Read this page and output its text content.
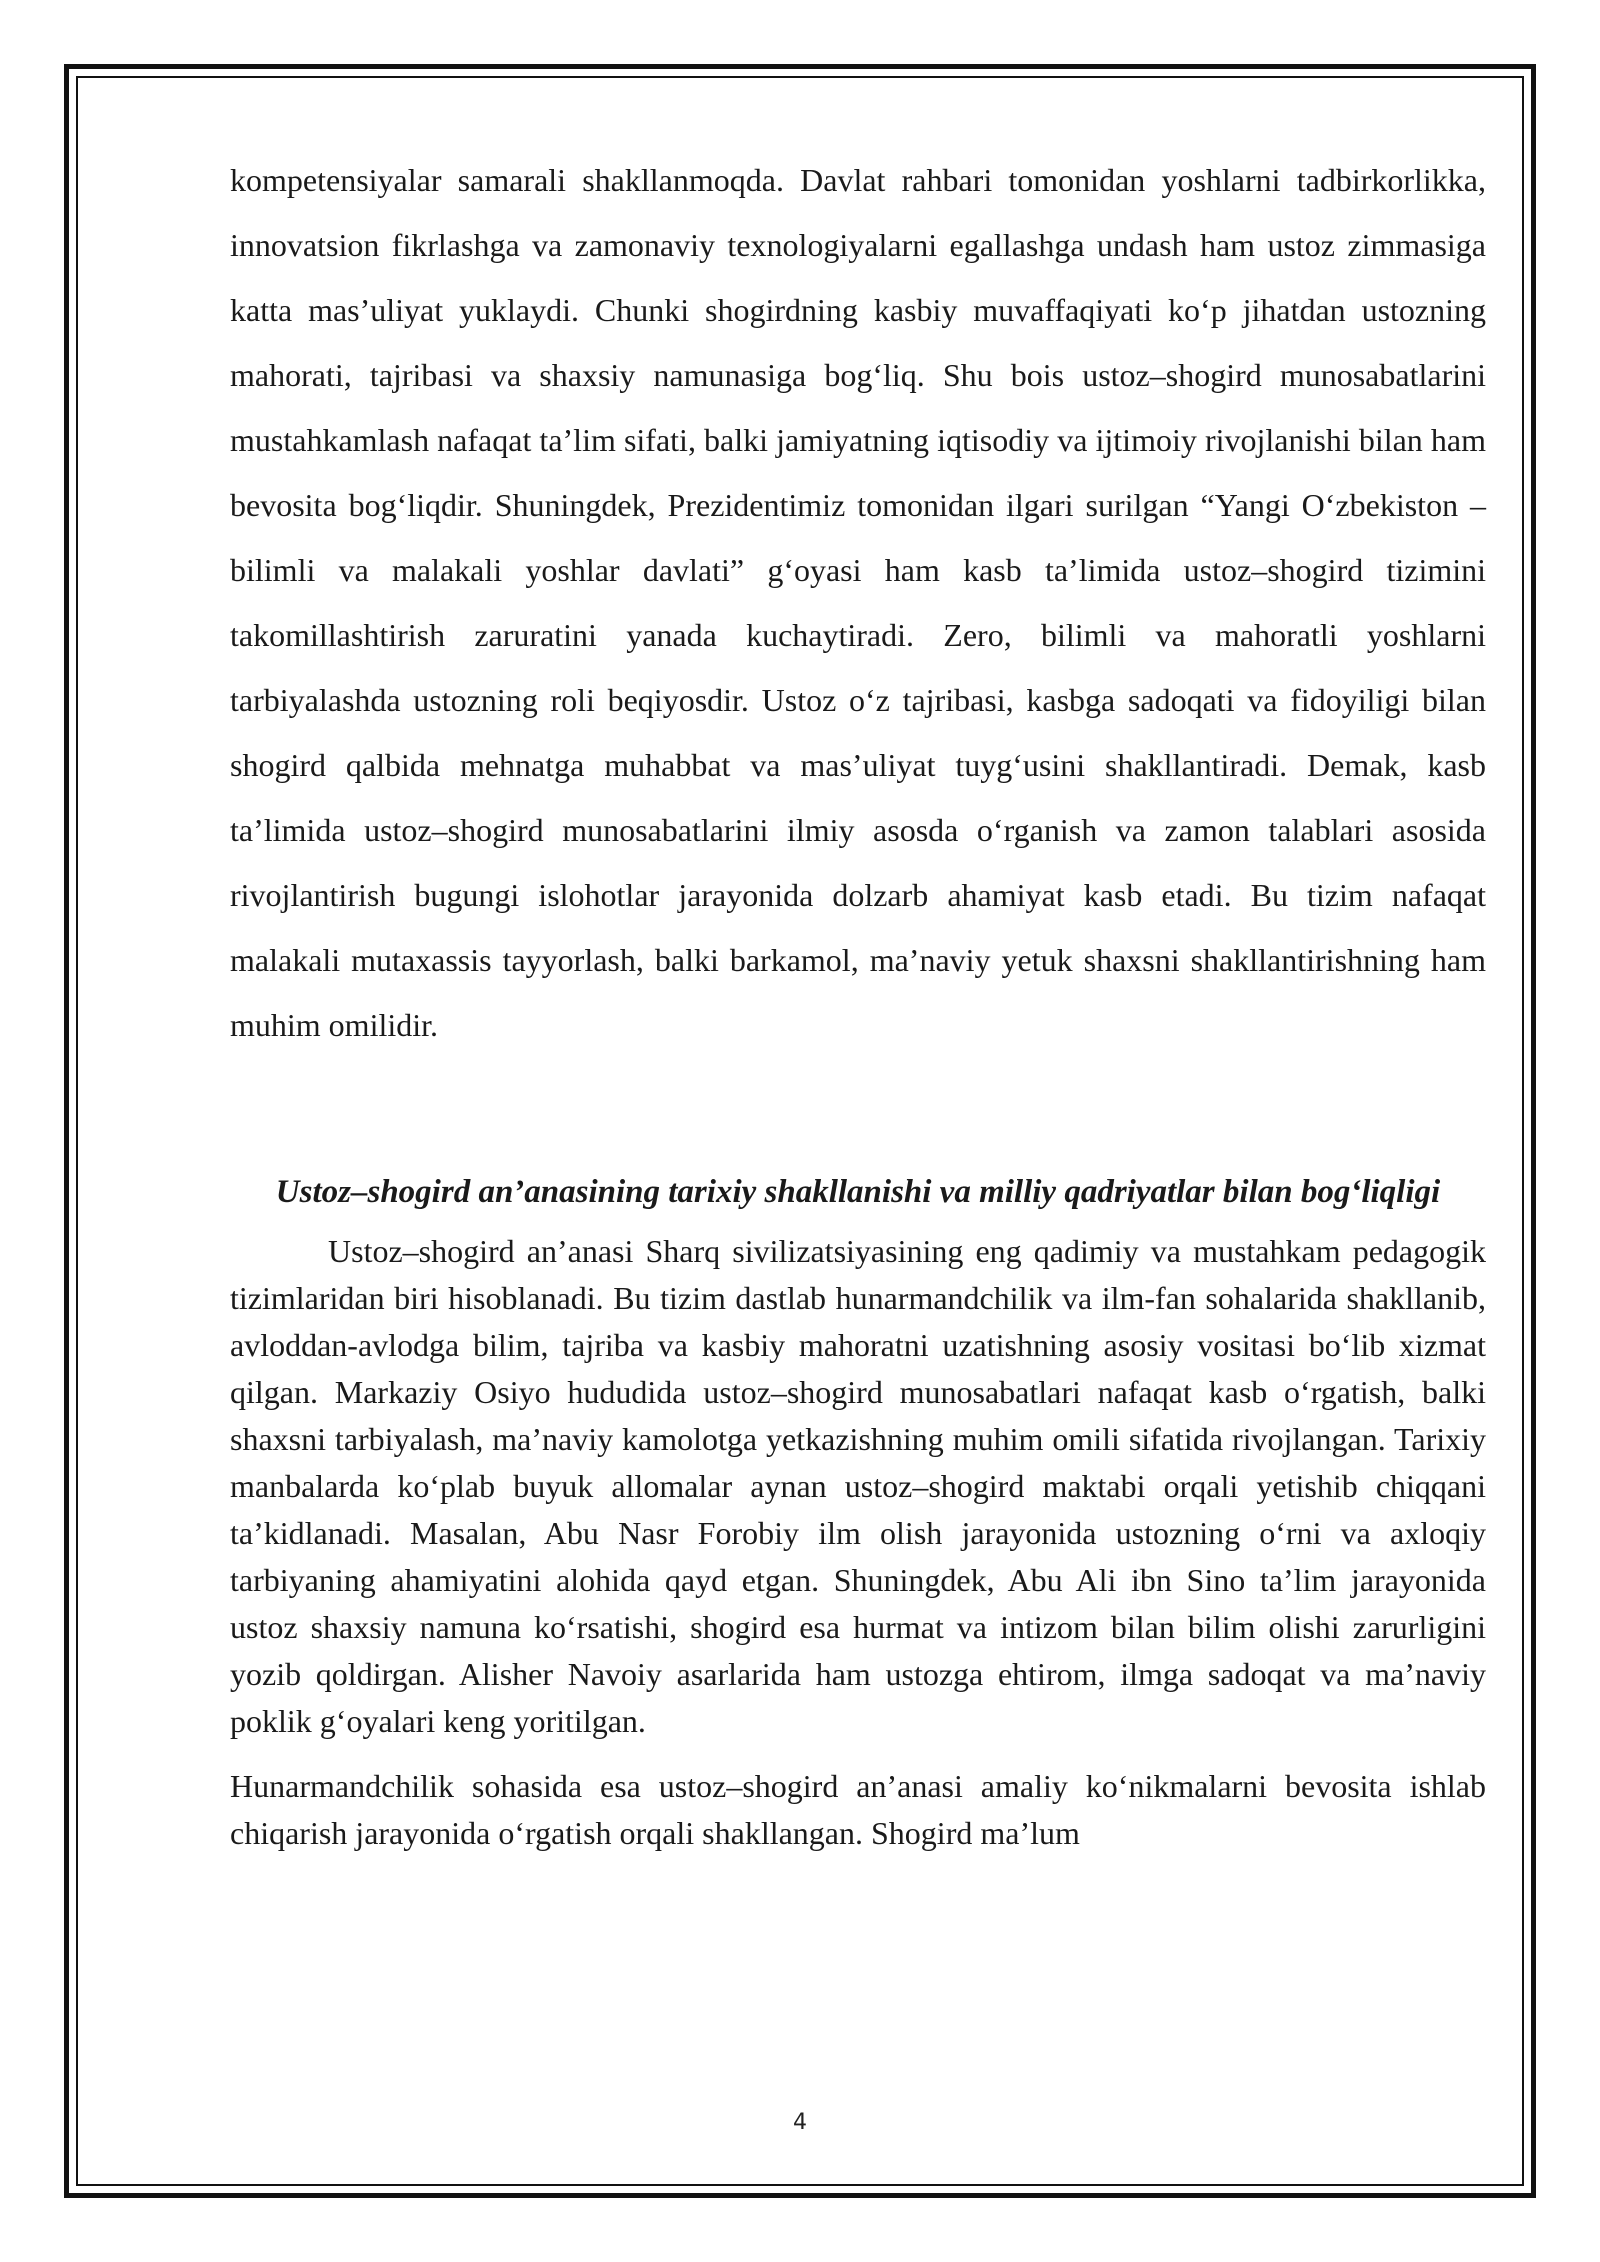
kompetensiyalar samarali shakllanmoqda. Davlat rahbari tomonidan yoshlarni tadbirkorlikka, innovatsion fikrlashga va zamonaviy texnologiyalarni egallashga undash ham ustoz zimmasiga katta mas’uliyat yuklaydi. Chunki shogirdning kasbiy muvaffaqiyati ko‘p jihatdan ustozning mahorati, tajribasi va shaxsiy namunasiga bog‘liq. Shu bois ustoz–shogird munosabatlarini mustahkamlash nafaqat ta’lim sifati, balki jamiyatning iqtisodiy va ijtimoiy rivojlanishi bilan ham bevosita bog‘liqdir. Shuningdek, Prezidentimiz tomonidan ilgari surilgan “Yangi O‘zbekiston – bilimli va malakali yoshlar davlati” g‘oyasi ham kasb ta’limida ustoz–shogird tizimini takomillashtirish zaruratini yanada kuchaytiradi. Zero, bilimli va mahoratli yoshlarni tarbiyalashda ustozning roli beqiyosdir. Ustoz o‘z tajribasi, kasbga sadoqati va fidoyiligi bilan shogird qalbida mehnatga muhabbat va mas’uliyat tuyg‘usini shakllantiradi. Demak, kasb ta’limida ustoz–shogird munosabatlarini ilmiy asosda o‘rganish va zamon talablari asosida rivojlantirish bugungi islohotlar jarayonida dolzarb ahamiyat kasb etadi. Bu tizim nafaqat malakali mutaxassis tayyorlash, balki barkamol, ma’naviy yetuk shaxsni shakllantirishning ham muhim omilidir.

Ustoz–shogird an’anasining tarixiy shakllanishi va milliy qadriyatlar bilan bog‘liqligi

Ustoz–shogird an’anasi Sharq sivilizatsiyasining eng qadimiy va mustahkam pedagogik tizimlaridan biri hisoblanadi. Bu tizim dastlab hunarmandchilik va ilm-fan sohalarida shakllanib, avloddan-avlodga bilim, tajriba va kasbiy mahoratni uzatishning asosiy vositasi bo‘lib xizmat qilgan. Markaziy Osiyo hududida ustoz–shogird munosabatlari nafaqat kasb o‘rgatish, balki shaxsni tarbiyalash, ma’naviy kamolotga yetkazishning muhim omili sifatida rivojlangan. Tarixiy manbalarda ko‘plab buyuk allomalar aynan ustoz–shogird maktabi orqali yetishib chiqqani ta’kidlanadi. Masalan, Abu Nasr Forobiy ilm olish jarayonida ustozning o‘rni va axloqiy tarbiyaning ahamiyatini alohida qayd etgan. Shuningdek, Abu Ali ibn Sino ta’lim jarayonida ustoz shaxsiy namuna ko‘rsatishi, shogird esa hurmat va intizom bilan bilim olishi zarurligini yozib qoldirgan. Alisher Navoiy asarlarida ham ustozga ehtirom, ilmga sadoqat va ma’naviy poklik g‘oyalari keng yoritilgan.

Hunarmandchilik sohasida esa ustoz–shogird an’anasi amaliy ko‘nikmalarni bevosita ishlab chiqarish jarayonida o‘rgatish orqali shakllangan. Shogird ma’lum

4
